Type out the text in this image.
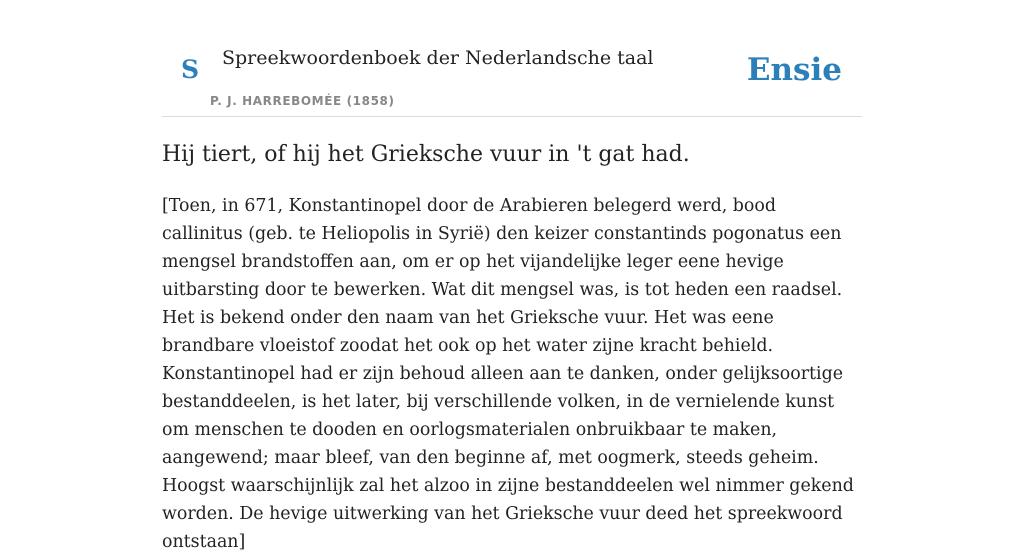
S Spreekwoordenboek der Nederlandsche taal
P. J. HARREBOMÉE (1858)
Ensie
Hij tiert, of hij het Grieksche vuur in 't gat had.

[Toen, in 671, Konstantinopel door de Arabieren belegerd werd, bood callinitus (geb. te Heliopolis in Syrië) den keizer constantinds pogonatus een mengsel brandstoffen aan, om er op het vijandelijke leger eene hevige uitbarsting door te bewerken. Wat dit mengsel was, is tot heden een raadsel. Het is bekend onder den naam van het Grieksche vuur. Het was eene brandbare vloeistof zoodat het ook op het water zijne kracht behield. Konstantinopel had er zijn behoud alleen aan te danken, onder gelijksoortige bestanddeelen, is het later, bij verschillende volken, in de vernielende kunst om menschen te dooden en oorlogsmaterialen onbruikbaar te maken, aangewend; maar bleef, van den beginne af, met oogmerk, steeds geheim. Hoogst waarschijnlijk zal het alzoo in zijne bestanddeelen wel nimmer gekend worden. De hevige uitwerking van het Grieksche vuur deed het spreekwoord ontstaan]
